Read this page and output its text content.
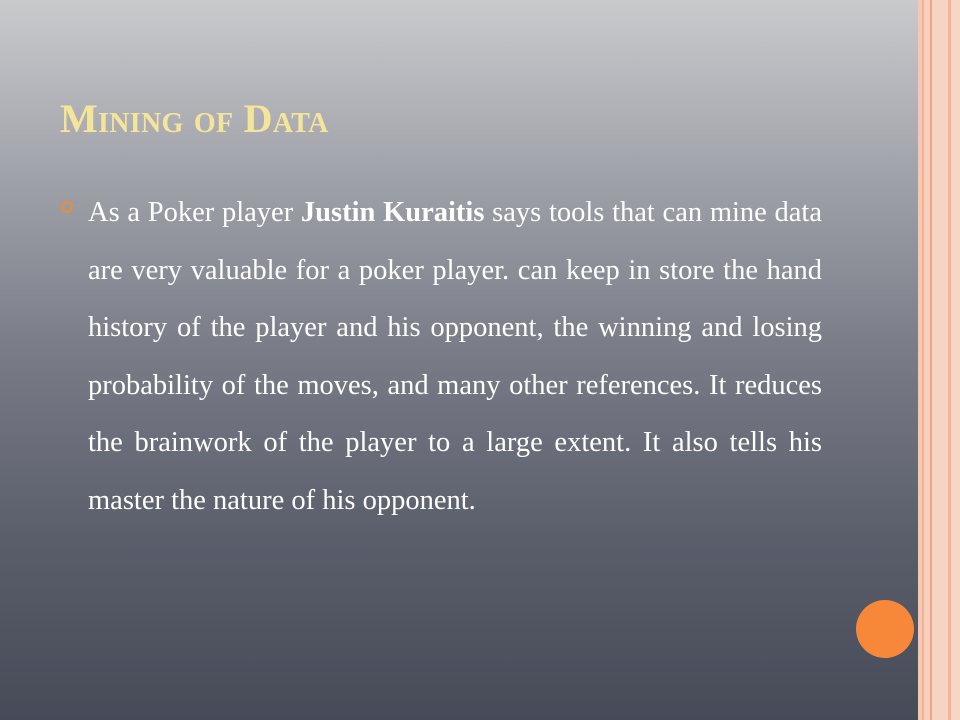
Mining of Data

As a Poker player Justin Kuraitis says tools that can mine data are very valuable for a poker player. can keep in store the hand history of the player and his opponent, the winning and losing probability of the moves, and many other references. It reduces the brainwork of the player to a large extent. It also tells his master the nature of his opponent.
